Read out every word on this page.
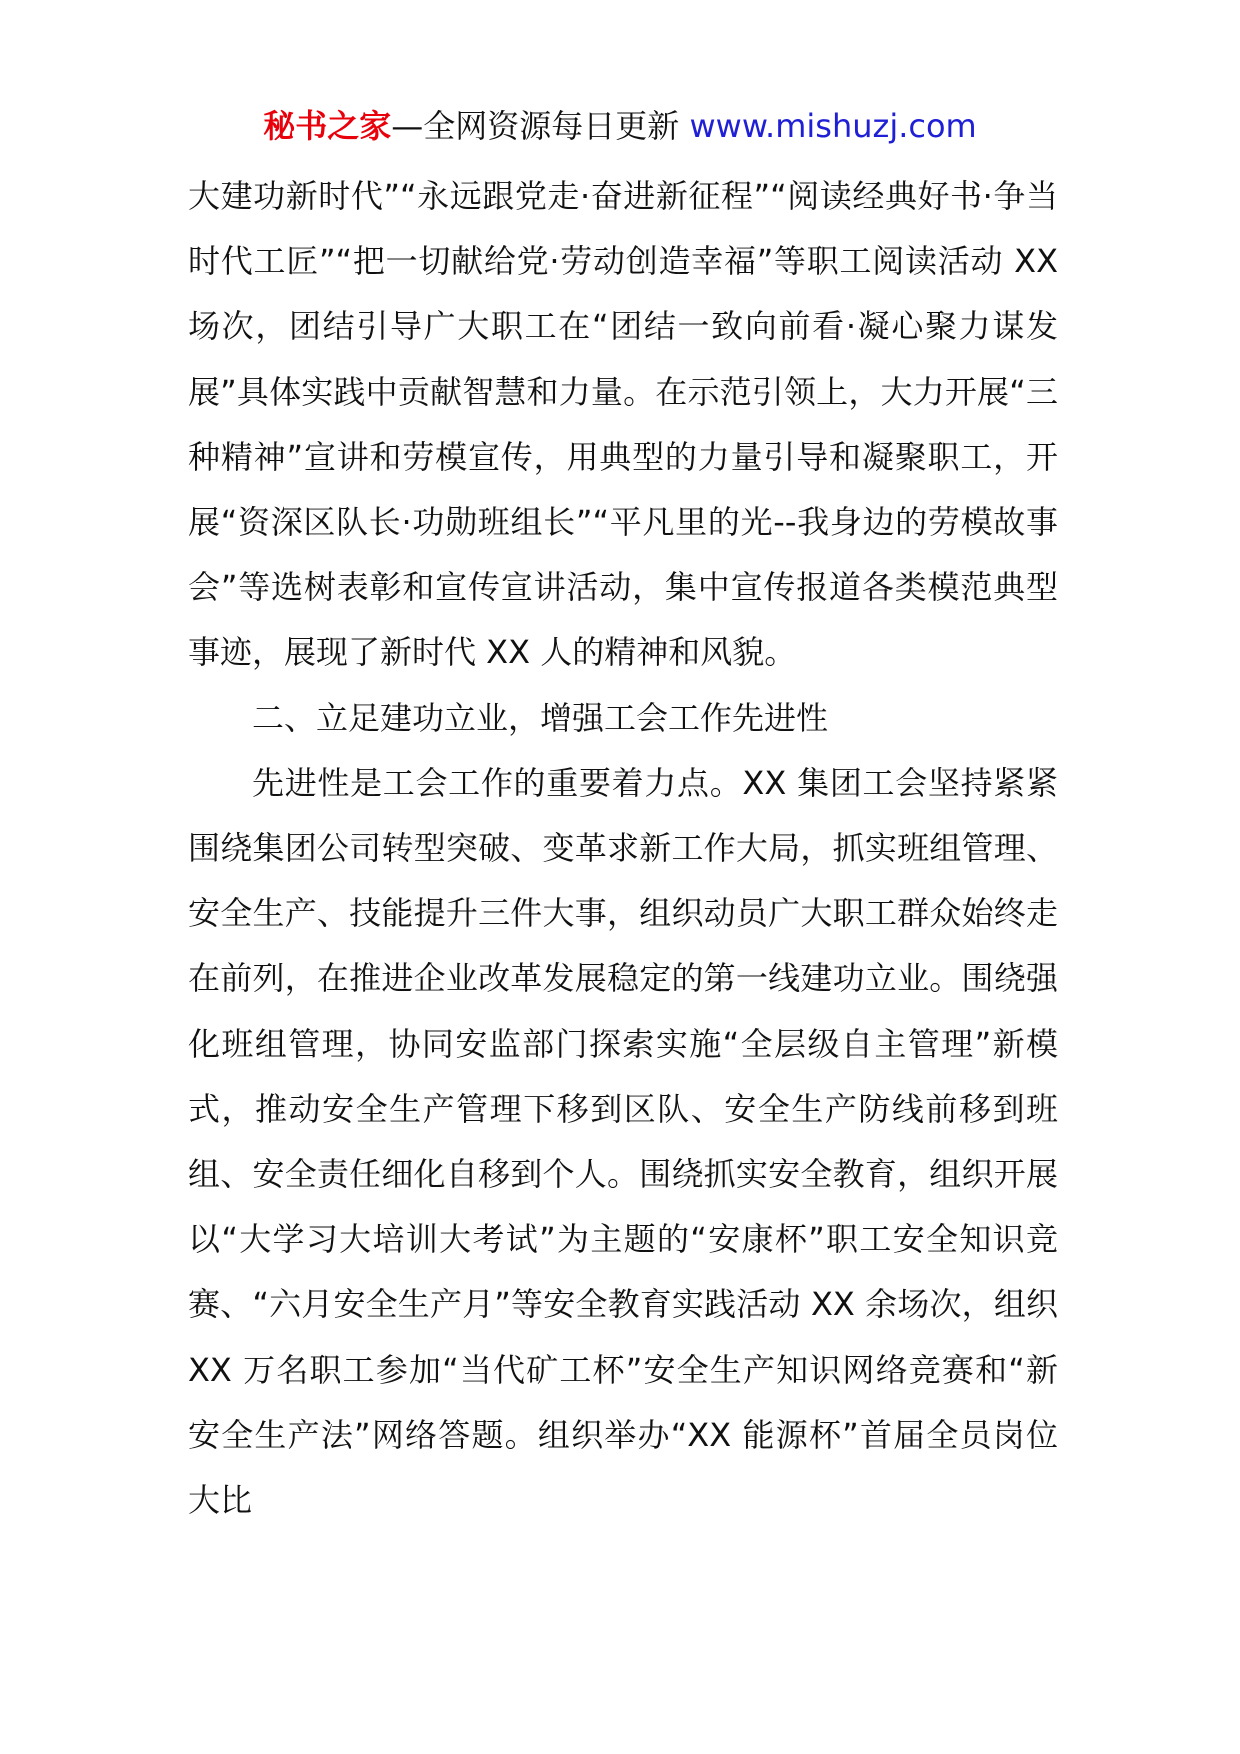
秘书之家—全网资源每日更新 www.mishuzj.com

大建功新时代”“永远跟党走·奋进新征程”“阅读经典好书·争当时代工匠”“把一切献给党·劳动创造幸福”等职工阅读活动 XX 场次，团结引导广大职工在“团结一致向前看·凝心聚力谋发展”具体实践中贡献智慧和力量。在示范引领上，大力开展“三种精神”宣讲和劳模宣传，用典型的力量引导和凝聚职工，开展“资深区队长·功勋班组长”“平凡里的光--我身边的劳模故事会”等选树表彰和宣传宣讲活动，集中宣传报道各类模范典型事迹，展现了新时代 XX 人的精神和风貌。

二、立足建功立业，增强工会工作先进性

先进性是工会工作的重要着力点。XX 集团工会坚持紧紧围绕集团公司转型突破、变革求新工作大局，抓实班组管理、安全生产、技能提升三件大事，组织动员广大职工群众始终走在前列，在推进企业改革发展稳定的第一线建功立业。围绕强化班组管理，协同安监部门探索实施“全层级自主管理”新模式，推动安全生产管理下移到区队、安全生产防线前移到班组、安全责任细化自移到个人。围绕抓实安全教育，组织开展以“大学习大培训大考试”为主题的“安康杯”职工安全知识竞赛、“六月安全生产月”等安全教育实践活动 XX 余场次，组织 XX 万名职工参加“当代矿工杯”安全生产知识网络竞赛和“新安全生产法”网络答题。组织举办“XX 能源杯”首届全员岗位大比
